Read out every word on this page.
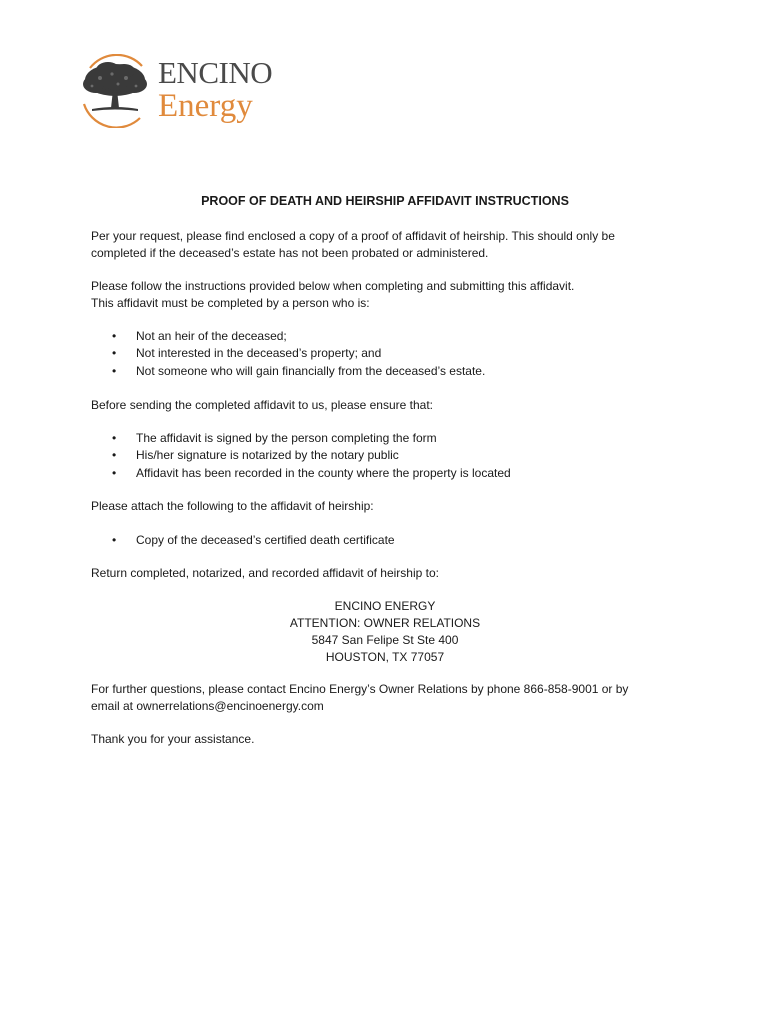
ENCINO
Energy
PROOF OF DEATH AND HEIRSHIP AFFIDAVIT INSTRUCTIONS
Per your request, please find enclosed a copy of a proof of affidavit of heirship. This should only be
completed if the deceased’s estate has not been probated or administered.
Please follow the instructions provided below when completing and submitting this affidavit.
This affidavit must be completed by a person who is:
• Not an heir of the deceased;
• Not interested in the deceased’s property; and
• Not someone who will gain financially from the deceased’s estate.
Before sending the completed affidavit to us, please ensure that:
• The affidavit is signed by the person completing the form
• His/her signature is notarized by the notary public
• Affidavit has been recorded in the county where the property is located
Please attach the following to the affidavit of heirship:
• Copy of the deceased’s certified death certificate
Return completed, notarized, and recorded affidavit of heirship to:
ENCINO ENERGY
ATTENTION: OWNER RELATIONS
5847 San Felipe St Ste 400
HOUSTON, TX 77057
For further questions, please contact Encino Energy’s Owner Relations by phone 866-858-9001 or by
email at ownerrelations@encinoenergy.com
Thank you for your assistance.
